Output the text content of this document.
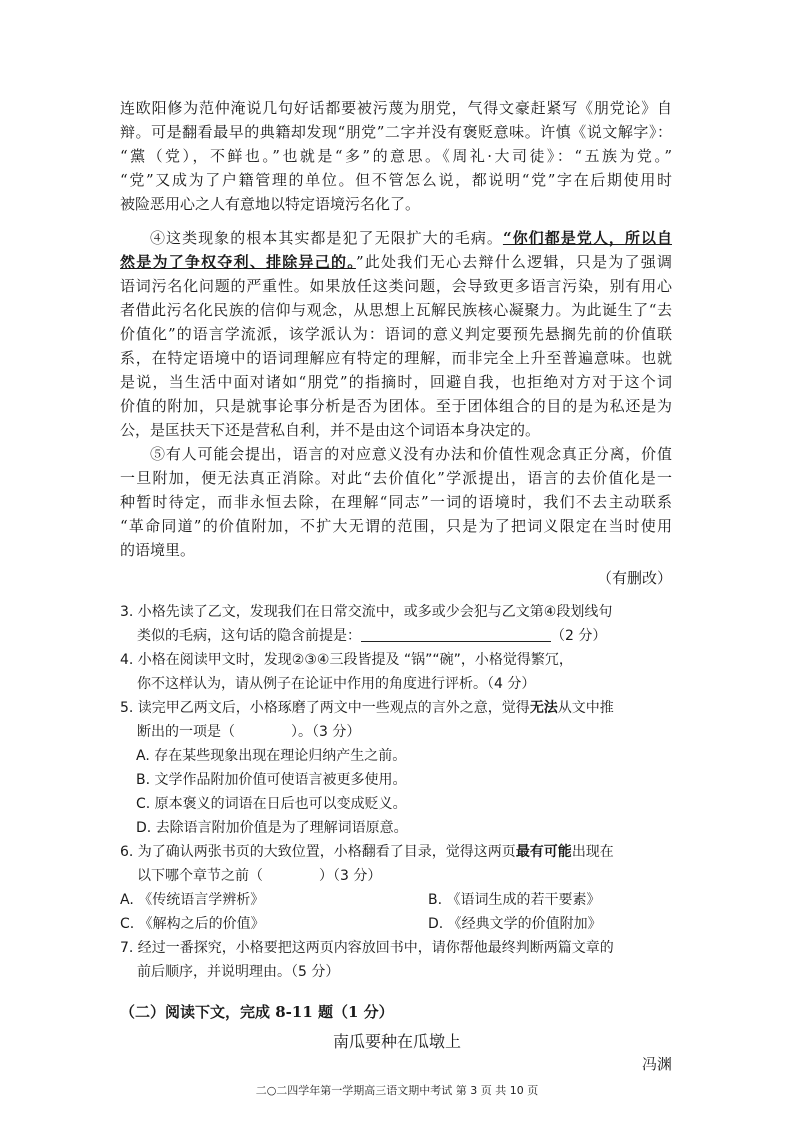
连欧阳修为范仲淹说几句好话都要被污蔑为朋党，气得文豪赶紧写《朋党论》自
辩。可是翻看最早的典籍却发现“朋党”二字并没有褒贬意味。许慎《说文解字》：
“黨（党），不鲜也。”也就是“多”的意思。《周礼·大司徒》：“五族为党。”
“党”又成为了户籍管理的单位。但不管怎么说，都说明“党”字在后期使用时
被险恶用心之人有意地以特定语境污名化了。
④这类现象的根本其实都是犯了无限扩大的毛病。“你们都是党人，所以自
然是为了争权夺利、排除异己的。”此处我们无心去辩什么逻辑，只是为了强调
语词污名化问题的严重性。如果放任这类问题，会导致更多语言污染，别有用心
者借此污名化民族的信仰与观念，从思想上瓦解民族核心凝聚力。为此诞生了“去
价值化”的语言学流派，该学派认为：语词的意义判定要预先悬搁先前的价值联
系，在特定语境中的语词理解应有特定的理解，而非完全上升至普遍意味。也就
是说，当生活中面对诸如“朋党”的指摘时，回避自我，也拒绝对方对于这个词
价值的附加，只是就事论事分析是否为团体。至于团体组合的目的是为私还是为
公，是匡扶天下还是营私自利，并不是由这个词语本身决定的。
⑤有人可能会提出，语言的对应意义没有办法和价值性观念真正分离，价值
一旦附加，便无法真正消除。对此“去价值化”学派提出，语言的去价值化是一
种暂时待定，而非永恒去除，在理解“同志”一词的语境时，我们不去主动联系
“革命同道”的价值附加，不扩大无谓的范围，只是为了把词义限定在当时使用
的语境里。
（有删改）
3. 小格先读了乙文，发现我们在日常交流中，或多或少会犯与乙文第④段划线句
类似的毛病，这句话的隐含前提是：	（2 分）
4. 小格在阅读甲文时，发现②③④三段皆提及 “锅”“碗”，小格觉得繁冗，
你不这样认为，请从例子在论证中作用的角度进行评析。（4 分）
5. 读完甲乙两文后，小格琢磨了两文中一些观点的言外之意，觉得无法从文中推
断出的一项是（	）。（3 分）
A. 存在某些现象出现在理论归纳产生之前。
B. 文学作品附加价值可使语言被更多使用。
C. 原本褒义的词语在日后也可以变成贬义。
D. 去除语言附加价值是为了理解词语原意。
6. 为了确认两张书页的大致位置，小格翻看了目录，觉得这两页最有可能出现在
以下哪个章节之前（	）（3 分）
A. 《传统语言学辨析》	B. 《语词生成的若干要素》
C. 《解构之后的价值》	D. 《经典文学的价值附加》
7. 经过一番探究，小格要把这两页内容放回书中，请你帮他最终判断两篇文章的
前后顺序，并说明理由。（5 分）
（二）阅读下文，完成 8-11 题（1 分）
南瓜要种在瓜墩上
冯渊
二○二四学年第一学期高三语文期中考试 第 3 页 共 10 页
